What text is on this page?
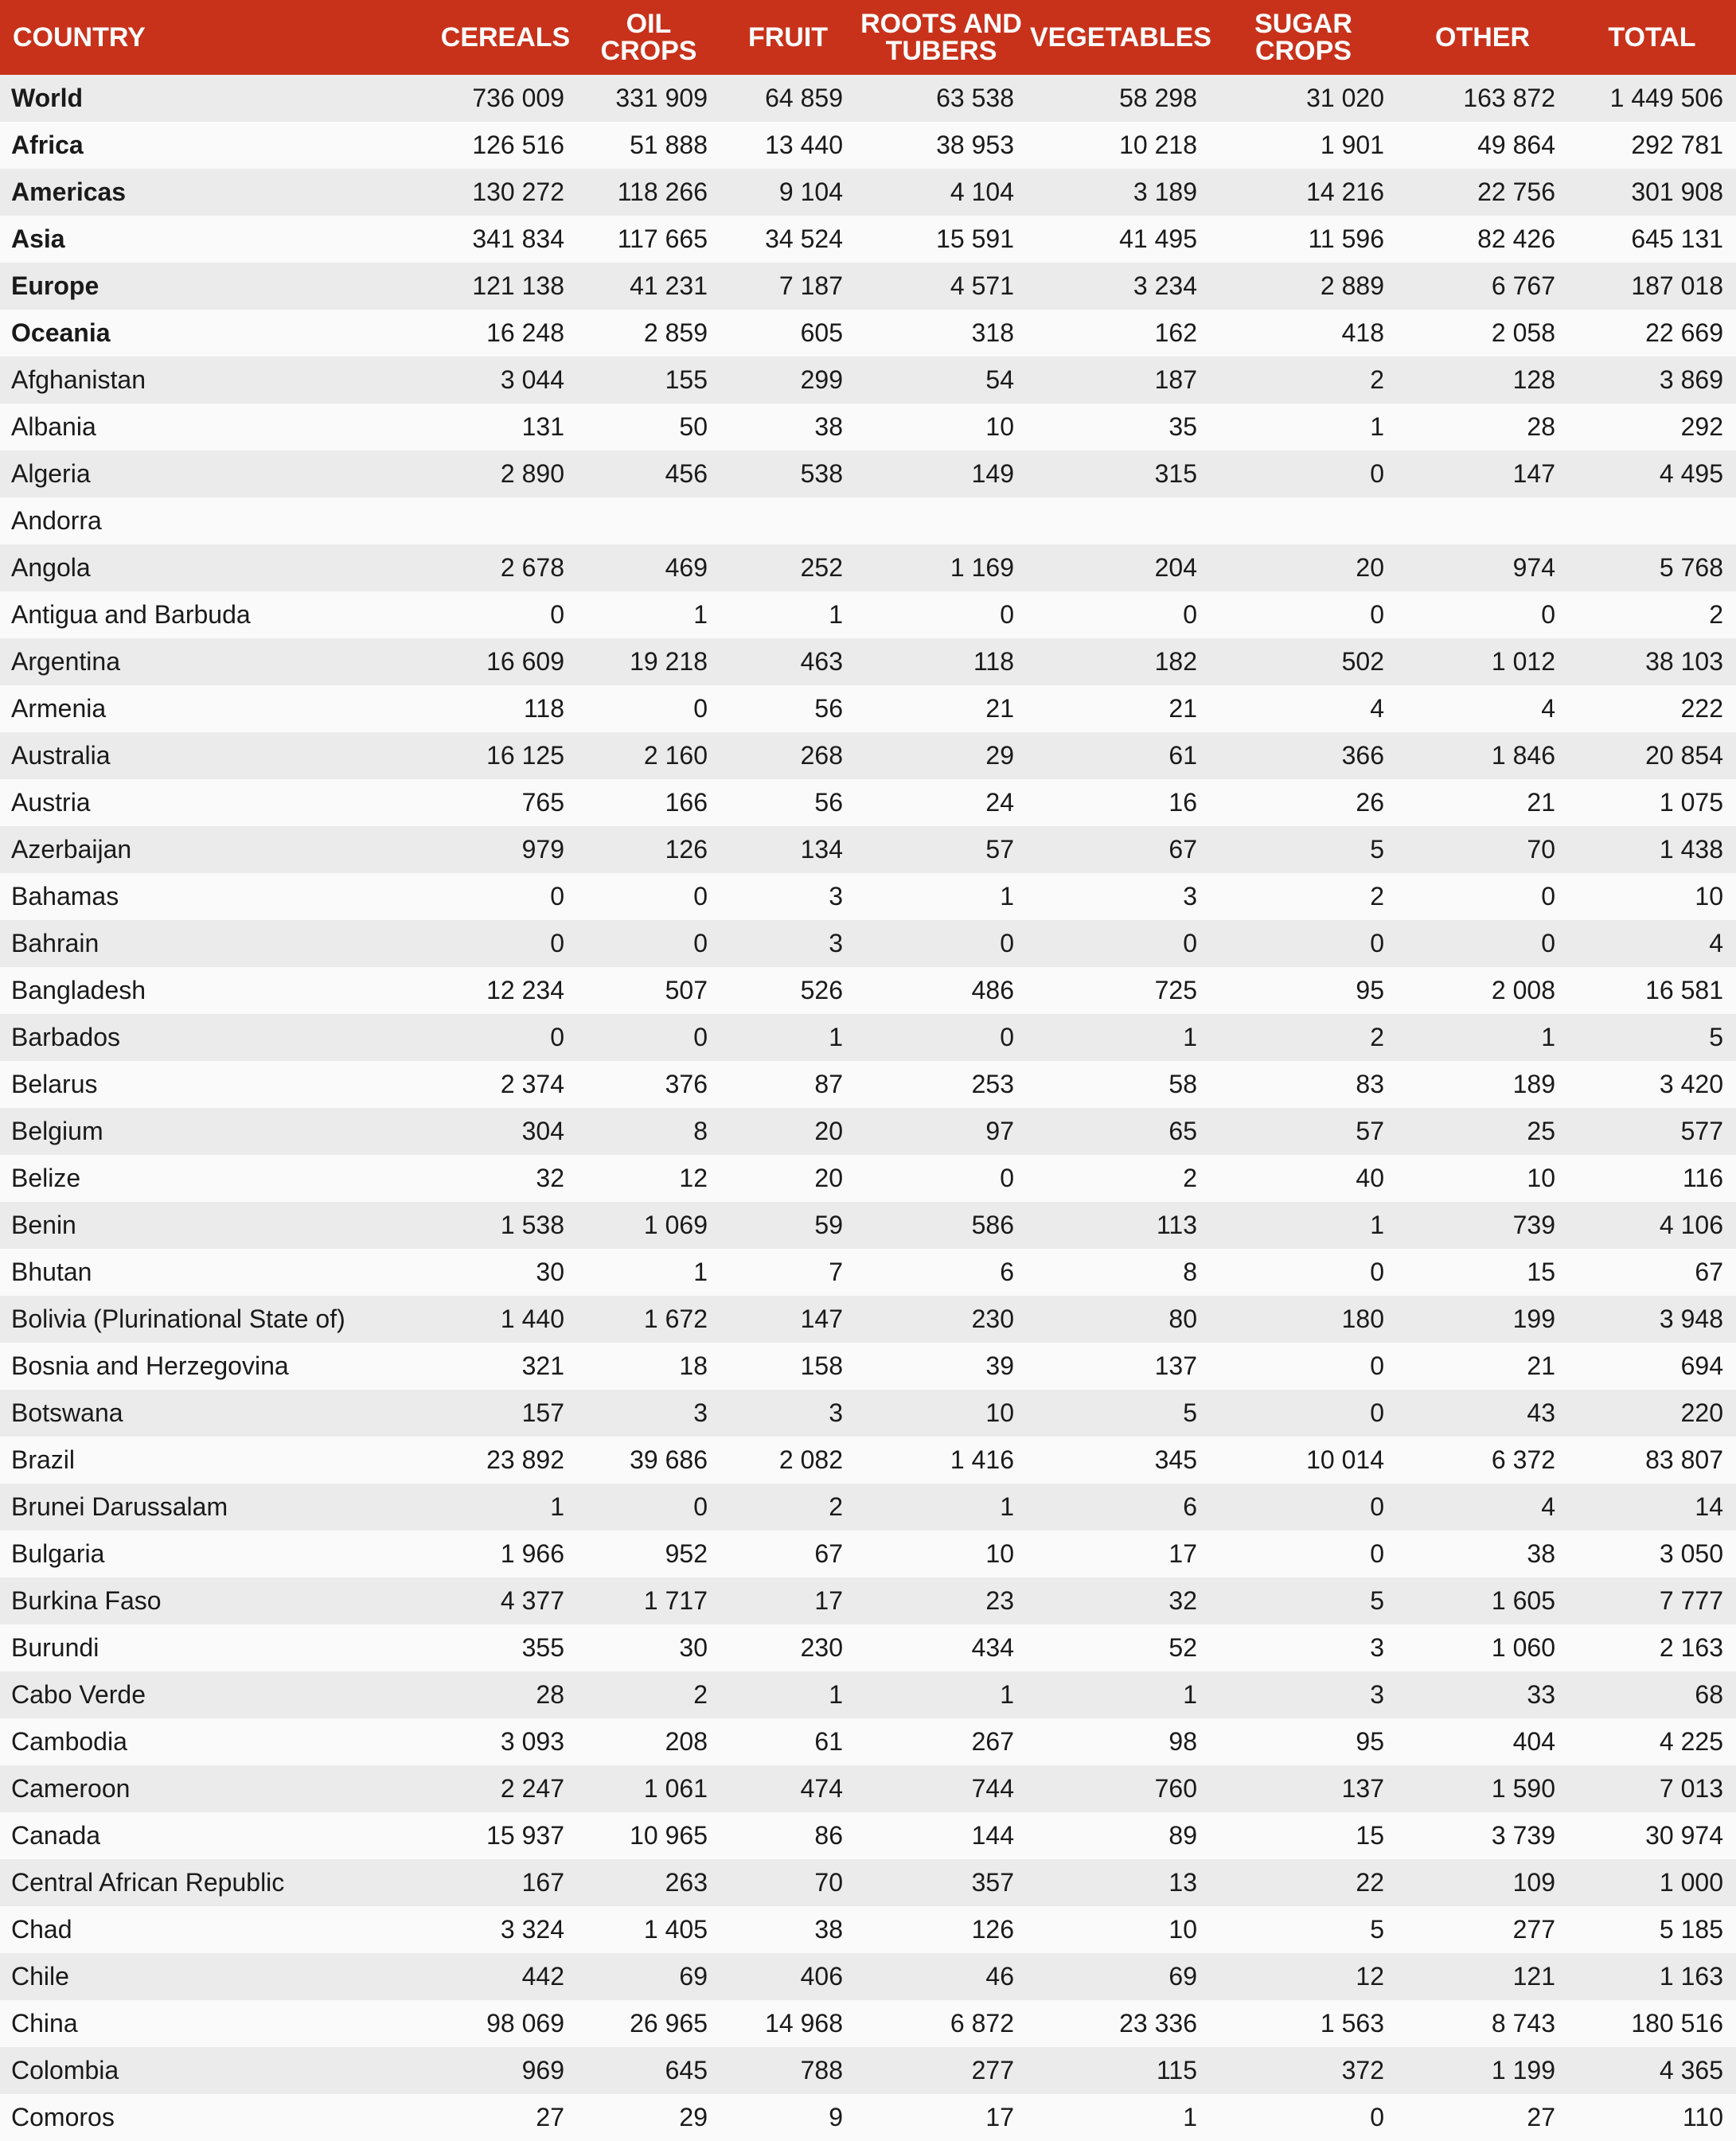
COUNTRY	CEREALS	OIL CROPS	FRUIT	ROOTS AND TUBERS	VEGETABLES	SUGAR CROPS	OTHER	TOTAL
World	736 009	331 909	64 859	63 538	58 298	31 020	163 872	1 449 506
Africa	126 516	51 888	13 440	38 953	10 218	1 901	49 864	292 781
Americas	130 272	118 266	9 104	4 104	3 189	14 216	22 756	301 908
Asia	341 834	117 665	34 524	15 591	41 495	11 596	82 426	645 131
Europe	121 138	41 231	7 187	4 571	3 234	2 889	6 767	187 018
Oceania	16 248	2 859	605	318	162	418	2 058	22 669
Afghanistan	3 044	155	299	54	187	2	128	3 869
Albania	131	50	38	10	35	1	28	292
Algeria	2 890	456	538	149	315	0	147	4 495
Andorra								
Angola	2 678	469	252	1 169	204	20	974	5 768
Antigua and Barbuda	0	1	1	0	0	0	0	2
Argentina	16 609	19 218	463	118	182	502	1 012	38 103
Armenia	118	0	56	21	21	4	4	222
Australia	16 125	2 160	268	29	61	366	1 846	20 854
Austria	765	166	56	24	16	26	21	1 075
Azerbaijan	979	126	134	57	67	5	70	1 438
Bahamas	0	0	3	1	3	2	0	10
Bahrain	0	0	3	0	0	0	0	4
Bangladesh	12 234	507	526	486	725	95	2 008	16 581
Barbados	0	0	1	0	1	2	1	5
Belarus	2 374	376	87	253	58	83	189	3 420
Belgium	304	8	20	97	65	57	25	577
Belize	32	12	20	0	2	40	10	116
Benin	1 538	1 069	59	586	113	1	739	4 106
Bhutan	30	1	7	6	8	0	15	67
Bolivia (Plurinational State of)	1 440	1 672	147	230	80	180	199	3 948
Bosnia and Herzegovina	321	18	158	39	137	0	21	694
Botswana	157	3	3	10	5	0	43	220
Brazil	23 892	39 686	2 082	1 416	345	10 014	6 372	83 807
Brunei Darussalam	1	0	2	1	6	0	4	14
Bulgaria	1 966	952	67	10	17	0	38	3 050
Burkina Faso	4 377	1 717	17	23	32	5	1 605	7 777
Burundi	355	30	230	434	52	3	1 060	2 163
Cabo Verde	28	2	1	1	1	3	33	68
Cambodia	3 093	208	61	267	98	95	404	4 225
Cameroon	2 247	1 061	474	744	760	137	1 590	7 013
Canada	15 937	10 965	86	144	89	15	3 739	30 974
Central African Republic	167	263	70	357	13	22	109	1 000
Chad	3 324	1 405	38	126	10	5	277	5 185
Chile	442	69	406	46	69	12	121	1 163
China	98 069	26 965	14 968	6 872	23 336	1 563	8 743	180 516
Colombia	969	645	788	277	115	372	1 199	4 365
Comoros	27	29	9	17	1	0	27	110
